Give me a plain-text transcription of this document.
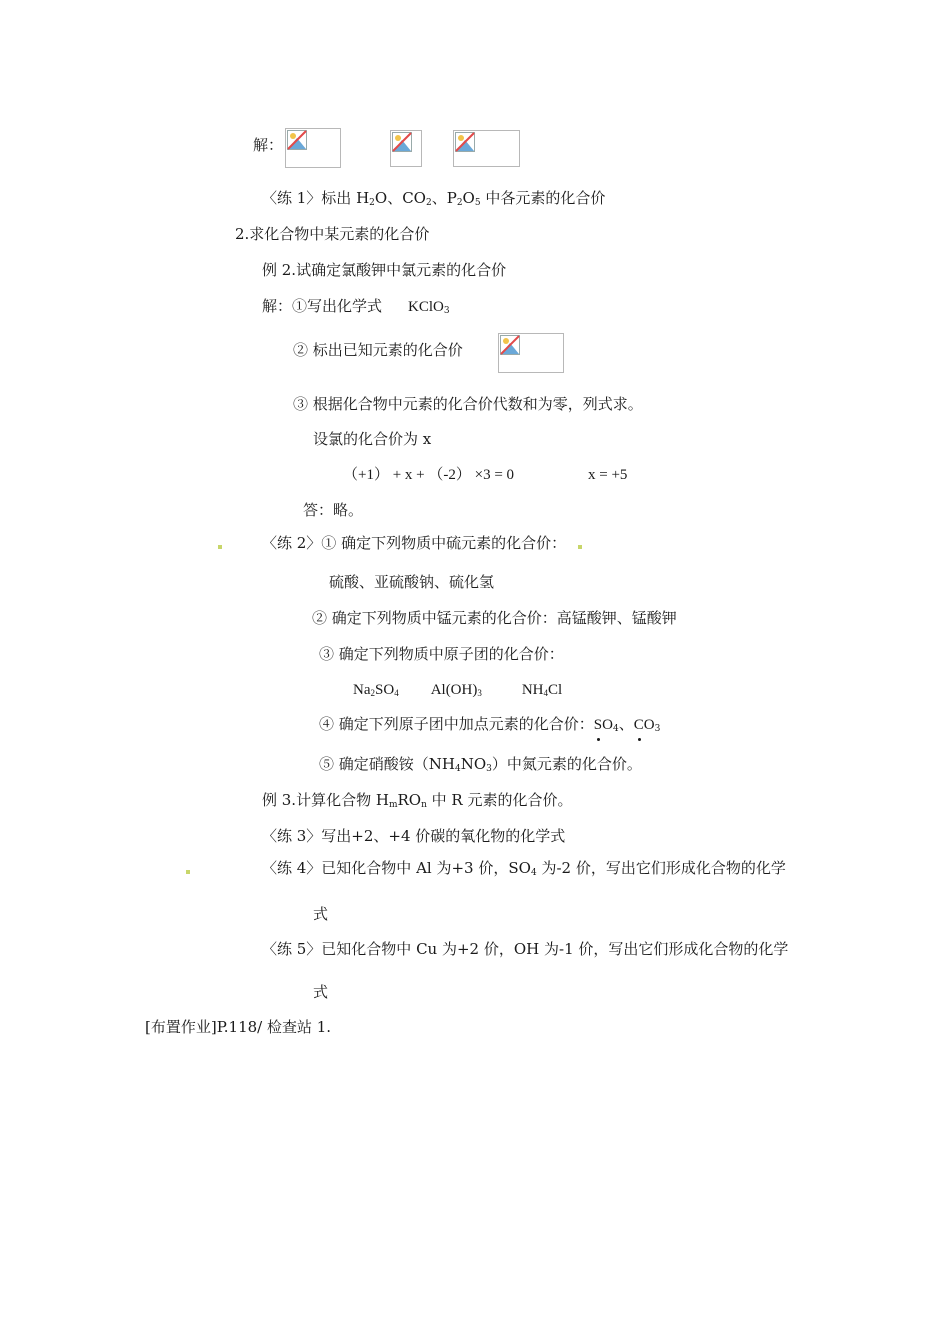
解：
〈练 1〉标出 $H_2O$、$CO_2$、$P_2O_5$ 中各元素的化合价
2.求化合物中某元素的化合价
例 2.试确定氯酸钾中氯元素的化合价
解：①写出化学式 KClO$_3$
② 标出已知元素的化合价
③ 根据化合物中元素的化合价代数和为零，列式求。
设氯的化合价为 x
（+1） + x + （-2） ×3 = 0	x = +5
答：略。
〈练 2〉① 确定下列物质中硫元素的化合价：
硫酸、亚硫酸钠、硫化氢
② 确定下列物质中锰元素的化合价：高锰酸钾、锰酸钾
③ 确定下列物质中原子团的化合价：
$Na_2SO_4$ $Al(OH)_3$	$NH_4Cl$
④ 确定下列原子团中加点元素的化合价：$SO_4$、$CO_3$
⑤ 确定硝酸铵$(NH_4NO_3)$中氮元素的化合价。
例 3.计算化合物 $H_mRO_n$ 中 R 元素的化合价。
〈练 3〉写出+2、+4 价碳的氧化物的化学式
〈练 4〉已知化合物中 Al 为+3 价，$SO_4$ 为-2 价，写出它们形成化合物的化学
式
〈练 5〉已知化合物中 Cu 为+2 价，OH 为-1 价，写出它们形成化合物的化学
式
[布置作业]P.118/ 检查站 1.
